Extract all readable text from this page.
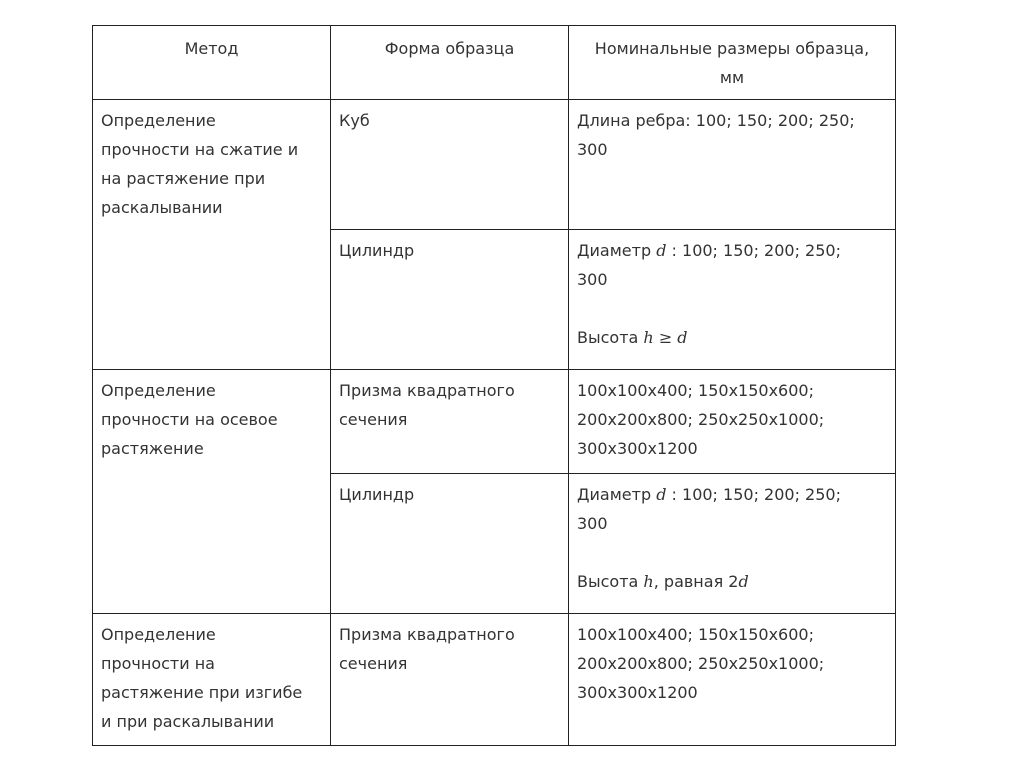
Метод	Форма образца	Номинальные размеры образца,
мм

Определение
прочности на сжатие и
на растяжение при
раскалывании	Куб	Длина ребра: 100; 150; 200; 250;
300

	Цилиндр	Диаметр d : 100; 150; 200; 250;
300
Высота h ≥ d

Определение
прочности на осевое
растяжение	Призма квадратного
сечения	100x100x400; 150x150x600;
200x200x800; 250x250x1000;
300x300x1200

	Цилиндр	Диаметр d : 100; 150; 200; 250;
300
Высота h, равная 2d

Определение
прочности на
растяжение при изгибе
и при раскалывании	Призма квадратного
сечения	100x100x400; 150x150x600;
200x200x800; 250x250x1000;
300x300x1200
